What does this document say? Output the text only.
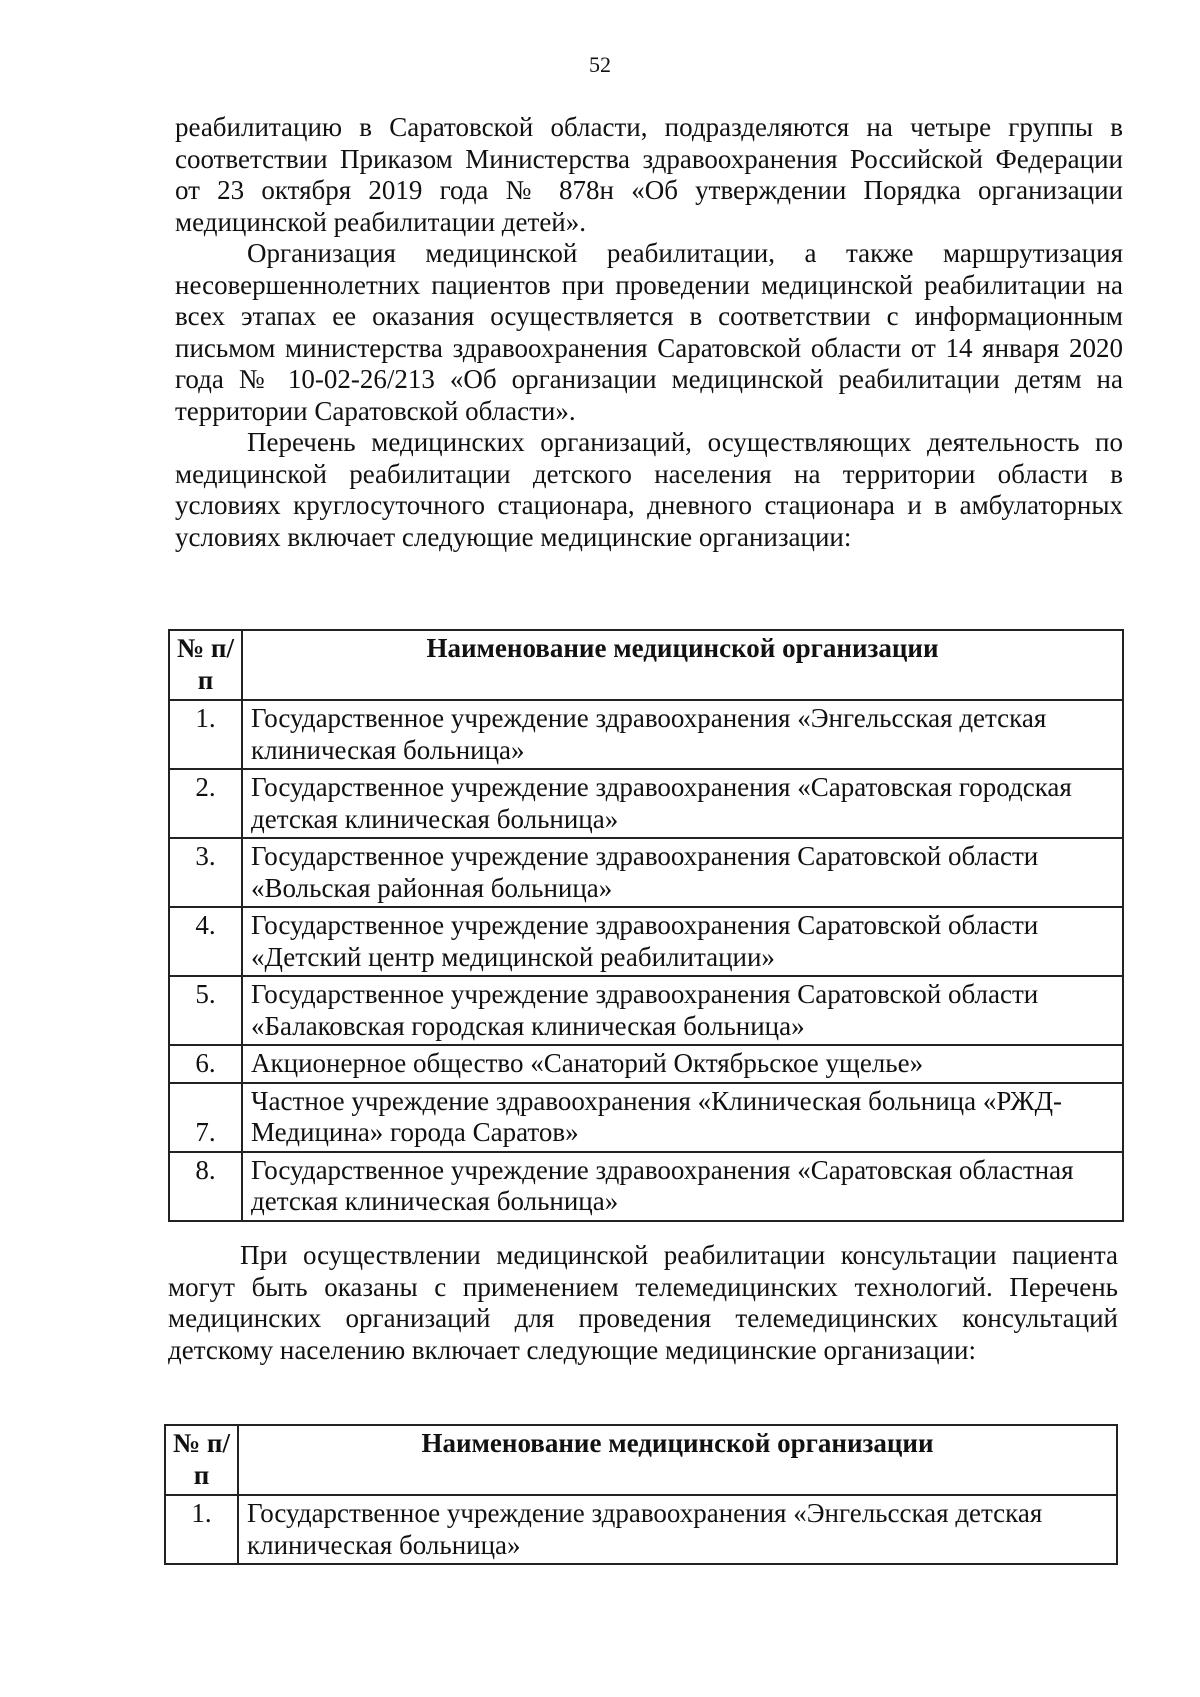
52

реабилитацию в Саратовской области, подразделяются на четыре группы в соответствии Приказом Министерства здравоохранения Российской Федерации от 23 октября 2019 года № 878н «Об утверждении Порядка организации медицинской реабилитации детей».

Организация медицинской реабилитации, а также маршрутизация несовершеннолетних пациентов при проведении медицинской реабилитации на всех этапах ее оказания осуществляется в соответствии с информационным письмом министерства здравоохранения Саратовской области от 14 января 2020 года № 10-02-26/213 «Об организации медицинской реабилитации детям на территории Саратовской области».

Перечень медицинских организаций, осуществляющих деятельность по медицинской реабилитации детского населения на территории области в условиях круглосуточного стационара, дневного стационара и в амбулаторных условиях включает следующие медицинские организации:

№ п/п	Наименование медицинской организации
1.	Государственное учреждение здравоохранения «Энгельсская детская клиническая больница»
2.	Государственное учреждение здравоохранения «Саратовская городская детская клиническая больница»
3.	Государственное учреждение здравоохранения Саратовской области «Вольская районная больница»
4.	Государственное учреждение здравоохранения Саратовской области «Детский центр медицинской реабилитации»
5.	Государственное учреждение здравоохранения Саратовской области «Балаковская городская клиническая больница»
6.	Акционерное общество «Санаторий Октябрьское ущелье»
7.	Частное учреждение здравоохранения «Клиническая больница «РЖД-Медицина» города Саратов»
8.	Государственное учреждение здравоохранения «Саратовская областная детская клиническая больница»

При осуществлении медицинской реабилитации консультации пациента могут быть оказаны с применением телемедицинских технологий. Перечень медицинских организаций для проведения телемедицинских консультаций детскому населению включает следующие медицинские организации:

№ п/п	Наименование медицинской организации
1.	Государственное учреждение здравоохранения «Энгельсская детская клиническая больница»
